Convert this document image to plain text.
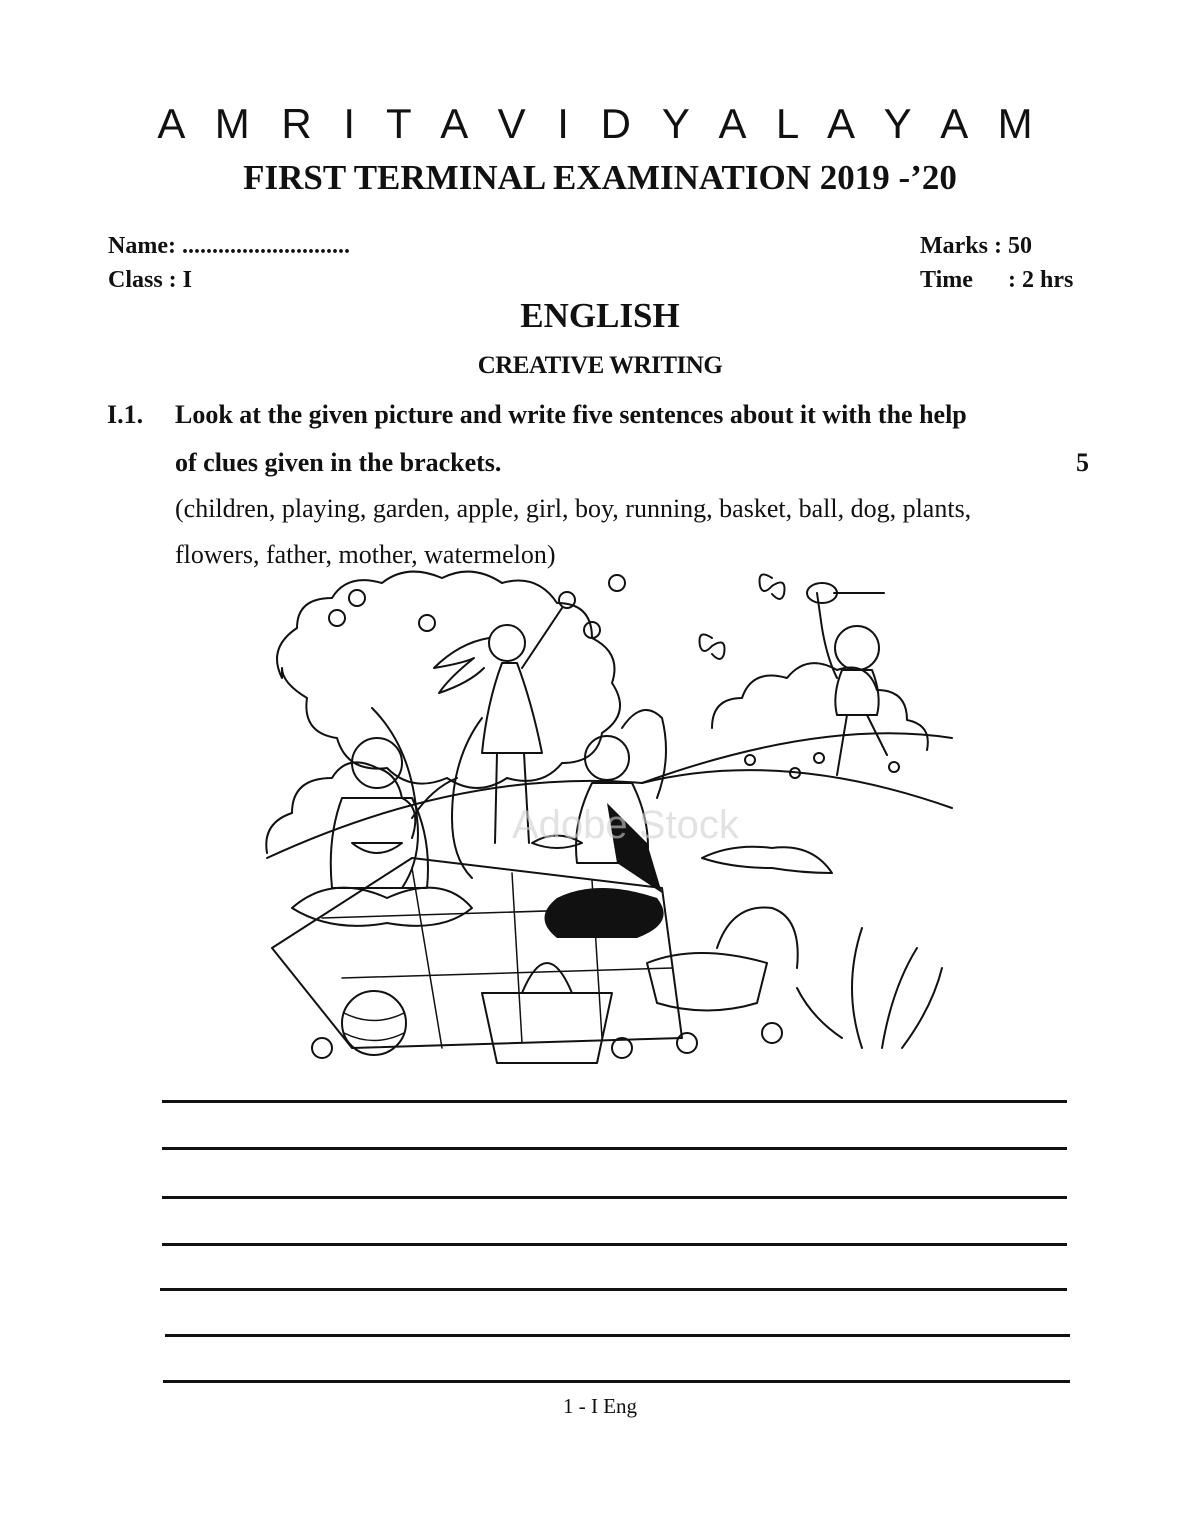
A M R I T A V I D Y A L A Y A M
FIRST TERMINAL EXAMINATION 2019 -’20
Name: ............................
Class : I
Marks : 50
Time : 2 hrs
ENGLISH
CREATIVE WRITING
I.1. Look at the given picture and write five sentences about it with the help
of clues given in the brackets.	5
(children, playing, garden, apple, girl, boy, running, basket, ball, dog, plants,
flowers, father, mother, watermelon)
Adobe Stock
1 - I Eng
